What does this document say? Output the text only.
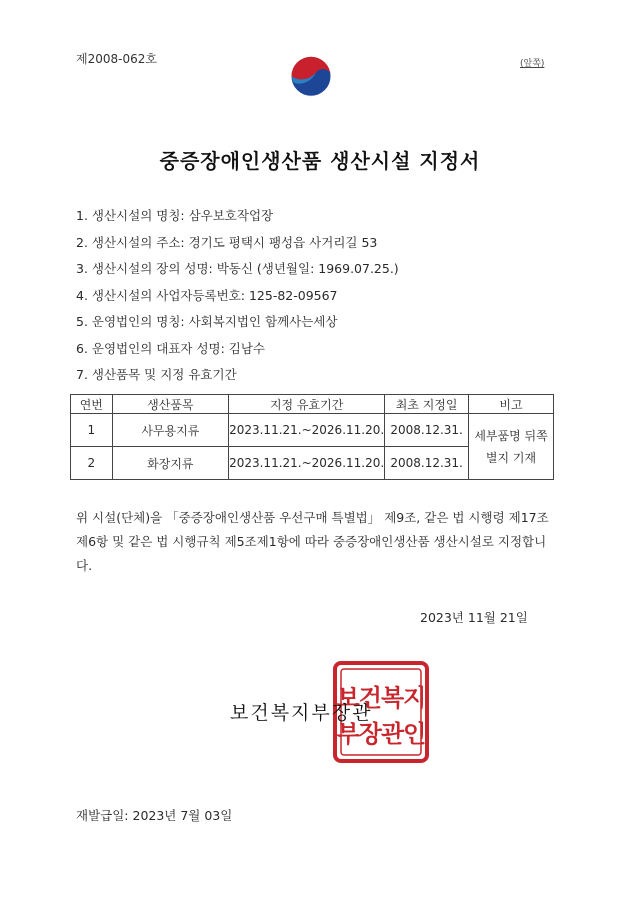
제2008-062호	(앞쪽)
중증장애인생산품 생산시설 지정서
1. 생산시설의 명칭: 삼우보호작업장
2. 생산시설의 주소: 경기도 평택시 팽성읍 사거리길 53
3. 생산시설의 장의 성명: 박동신 (생년월일: 1969.07.25.)
4. 생산시설의 사업자등록번호: 125-82-09567
5. 운영법인의 명칭: 사회복지법인 함께사는세상
6. 운영법인의 대표자 성명: 김남수
7. 생산품목 및 지정 유효기간
연번	생산품목	지정 유효기간	최초 지정일	비고
1	사무용지류	2023.11.21.~2026.11.20.	2008.12.31.	세부품명 뒤쪽
별지 기재

2	화장지류	2023.11.21.~2026.11.20.	2008.12.31.	
위 시설(단체)을 「중증장애인생산품 우선구매 특별법」 제9조, 같은 법 시행령 제17조제6항 및 같은 법 시행규칙 제5조제1항에 따라 중증장애인생산품 생산시설로 지정합니다.
2023년 11월 21일
보건복지
부장관인
보건복지부장관
재발급일: 2023년 7월 03일
